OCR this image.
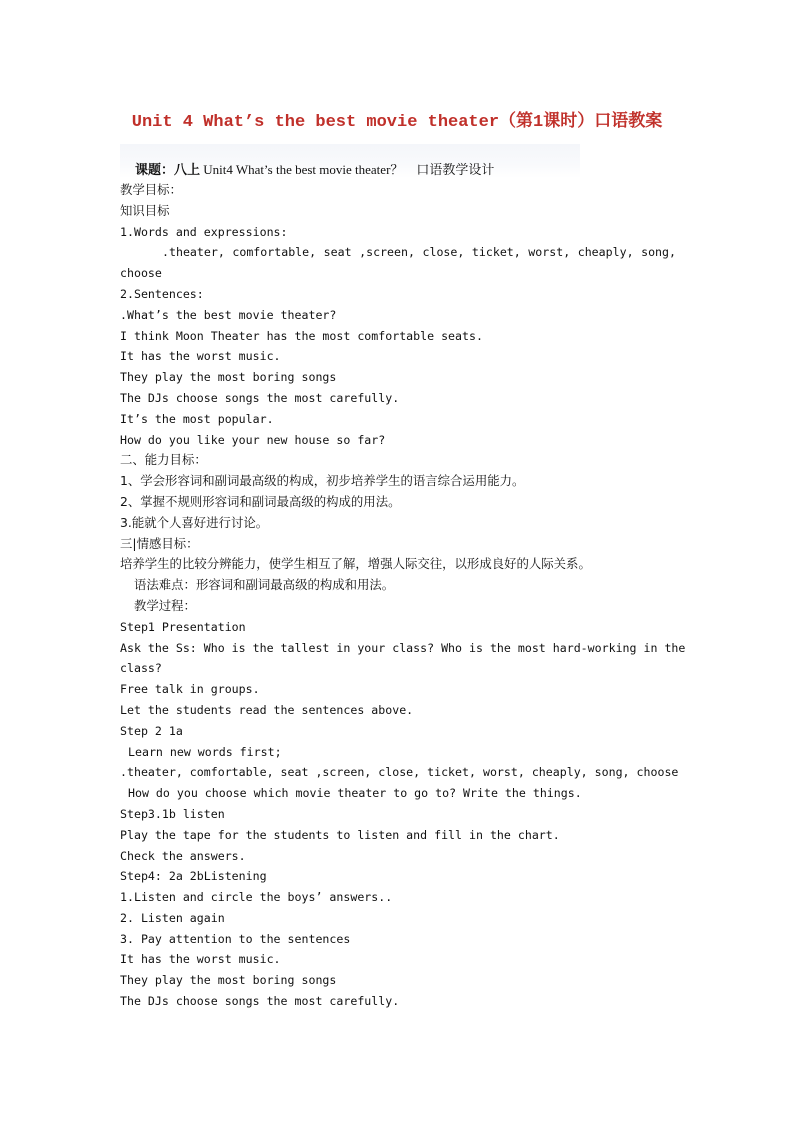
Unit 4 What’s the best movie theater（第1课时）口语教案
课题：八上 Unit4 What’s the best movie theater？　口语教学设计
教学目标：
知识目标
1.Words and expressions:
.theater, comfortable, seat ,screen, close, ticket, worst, cheaply, song,
choose
2.Sentences:
.What’s the best movie theater?
I think Moon Theater has the most comfortable seats.
It has the worst music.
They play the most boring songs
The DJs choose songs the most carefully.
It’s the most popular.
How do you like your new house so far?
二、能力目标：
1、学会形容词和副词最高级的构成，初步培养学生的语言综合运用能力。
2、掌握不规则形容词和副词最高级的构成的用法。
3.能就个人喜好进行讨论。
三|情感目标：
培养学生的比较分辨能力，使学生相互了解，增强人际交往，以形成良好的人际关系。
语法难点：形容词和副词最高级的构成和用法。
教学过程：
Step1 Presentation
Ask the Ss: Who is the tallest in your class? Who is the most hard-working in the
class?
Free talk in groups.
Let the students read the sentences above.
Step 2 1a
Learn new words first;
.theater, comfortable, seat ,screen, close, ticket, worst, cheaply, song, choose
How do you choose which movie theater to go to? Write the things.
Step3.1b listen
Play the tape for the students to listen and fill in the chart.
Check the answers.
Step4: 2a 2bListening
1.Listen and circle the boys’ answers..
2. Listen again
3. Pay attention to the sentences
It has the worst music.
They play the most boring songs
The DJs choose songs the most carefully.
